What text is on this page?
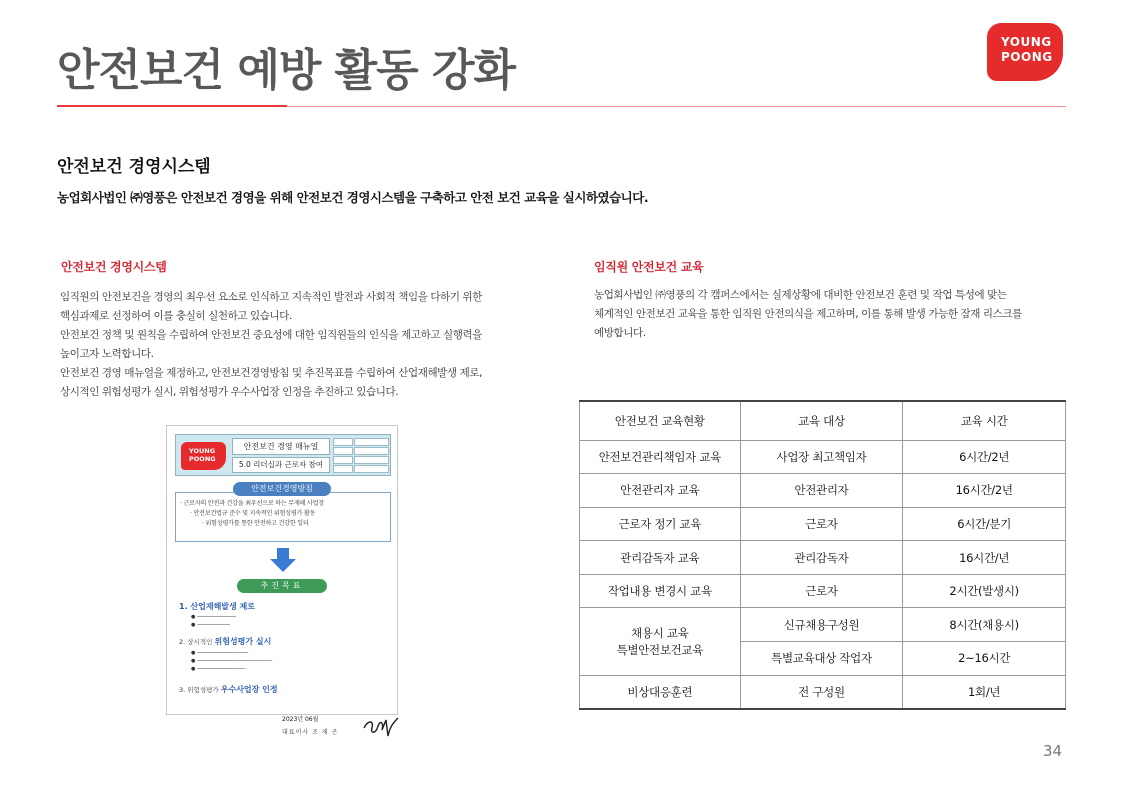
안전보건 예방 활동 강화
YOUNG
POONG
안전보건 경영시스템

농업회사법인 ㈜영풍은 안전보건 경영을 위해 안전보건 경영시스템을 구축하고 안전 보건 교육을 실시하였습니다.

안전보건 경영시스템

임직원의 안전보건을 경영의 최우선 요소로 인식하고 지속적인 발전과 사회적 책임을 다하기 위한

핵심과제로 선정하여 이를 충실히 실천하고 있습니다.

안전보건 정책 및 원칙을 수립하여 안전보건 중요성에 대한 임직원들의 인식을 제고하고 실행력을

높이고자 노력합니다.

안전보건 경영 매뉴얼을 제정하고, 안전보건경영방침 및 추진목표를 수립하여 산업재해발생 제로,

상시적인 위험성평가 실시, 위험성평가 우수사업장 인정을 추진하고 있습니다.

YOUNG
POONG
안전보건 경영 매뉴얼
5.0 리더십과 근로자 참여
· 근로자의 안전과 건강을 최우선으로 하는 무재해 사업장
· 안전보건법규 준수 및 지속적인 위험성평가 활동
· 위험성평가를 통한 안전하고 건강한 일터
안전보건경영방침
추진목표
1. 산업재해발생 제로
● ─────────────
● ───────────
2. 상시적인 위험성평가 실시
● ─────────────────
● ─────────────────────────
● ────────────────
3. 위험성평가 우수사업장 인정
2023년 06월
대표이사 조 재 곤
임직원 안전보건 교육

농업회사법인 ㈜영풍의 각 캠퍼스에서는 실제상황에 대비한 안전보건 훈련 및 작업 특성에 맞는

체계적인 안전보건 교육을 통한 임직원 안전의식을 제고하며, 이를 통해 발생 가능한 잠재 리스크를

예방합니다.

안전보건 교육현황	교육 대상	교육 시간
안전보건관리책임자 교육	사업장 최고책임자	6시간/2년
안전관리자 교육	안전관리자	16시간/2년
근로자 정기 교육	근로자	6시간/분기
관리감독자 교육	관리감독자	16시간/년
작업내용 변경시 교육	근로자	2시간(발생시)

채용시 교육
특별안전보건교육	신규채용구성원	8시간(채용시)
	특별교육대상 작업자	2~16시간
비상대응훈련	전 구성원	1회/년
34
